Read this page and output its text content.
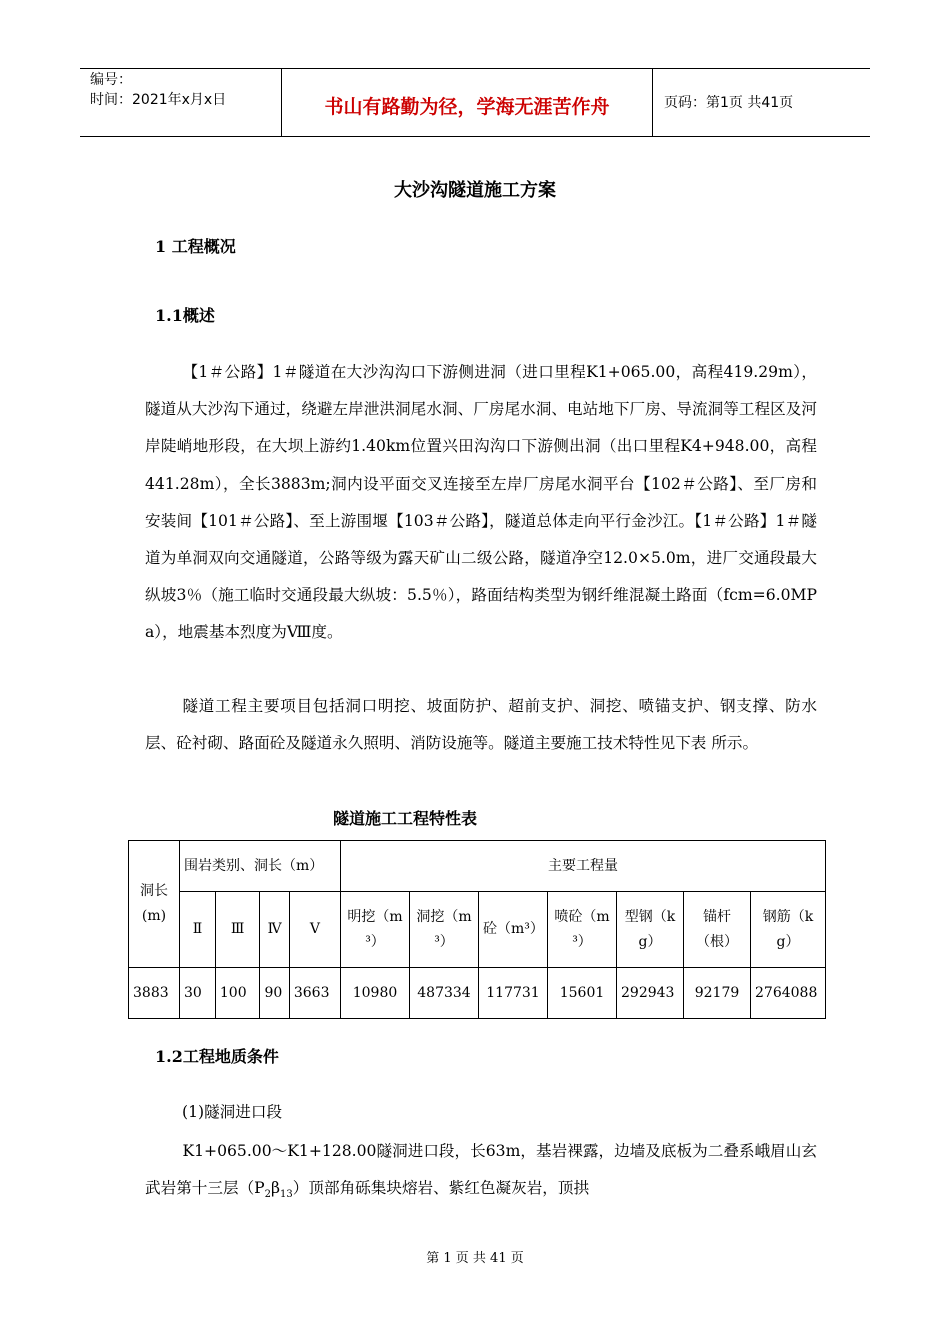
编号：
时间：2021年x月x日	书山有路勤为径，学海无涯苦作舟	页码：第1页 共41页
大沙沟隧道施工方案
1 工程概况
1.1概述
【1＃公路】1＃隧道在大沙沟沟口下游侧进洞（进口里程K1+065.00，高程419.29m），隧道从大沙沟下通过，绕避左岸泄洪洞尾水洞、厂房尾水洞、电站地下厂房、导流洞等工程区及河岸陡峭地形段，在大坝上游约1.40km位置兴田沟沟口下游侧出洞（出口里程K4+948.00，高程441.28m），全长3883m;洞内设平面交叉连接至左岸厂房尾水洞平台【102＃公路】、至厂房和安装间【101＃公路】、至上游围堰【103＃公路】，隧道总体走向平行金沙江。【1＃公路】1＃隧道为单洞双向交通隧道，公路等级为露天矿山二级公路，隧道净空12.0×5.0m，进厂交通段最大纵坡3％（施工临时交通段最大纵坡：5.5％），路面结构类型为钢纤维混凝土路面（fcm=6.0MPa），地震基本烈度为Ⅷ度。
隧道工程主要项目包括洞口明挖、坡面防护、超前支护、洞挖、喷锚支护、钢支撑、防水层、砼衬砌、路面砼及隧道永久照明、消防设施等。隧道主要施工技术特性见下表 所示。
隧道施工工程特性表
洞长(m)	围岩类别、洞长（m）				主要工程量						
	Ⅱ	Ⅲ	Ⅳ	Ⅴ	明挖（m³）	洞挖（m³）	砼（m³）	喷砼（m³）	型钢（kg）	锚杆（根）	钢筋（kg）
3883	30	100	90	3663	10980	487334	117731	15601	292943	92179	2764088
1.2工程地质条件
(1)隧洞进口段
K1+065.00～K1+128.00隧洞进口段，长63m，基岩裸露，边墙及底板为二叠系峨眉山玄武岩第十三层$(P_2\beta_{13})$顶部角砾集块熔岩、紫红色凝灰岩，顶拱
第 1 页 共 41 页
